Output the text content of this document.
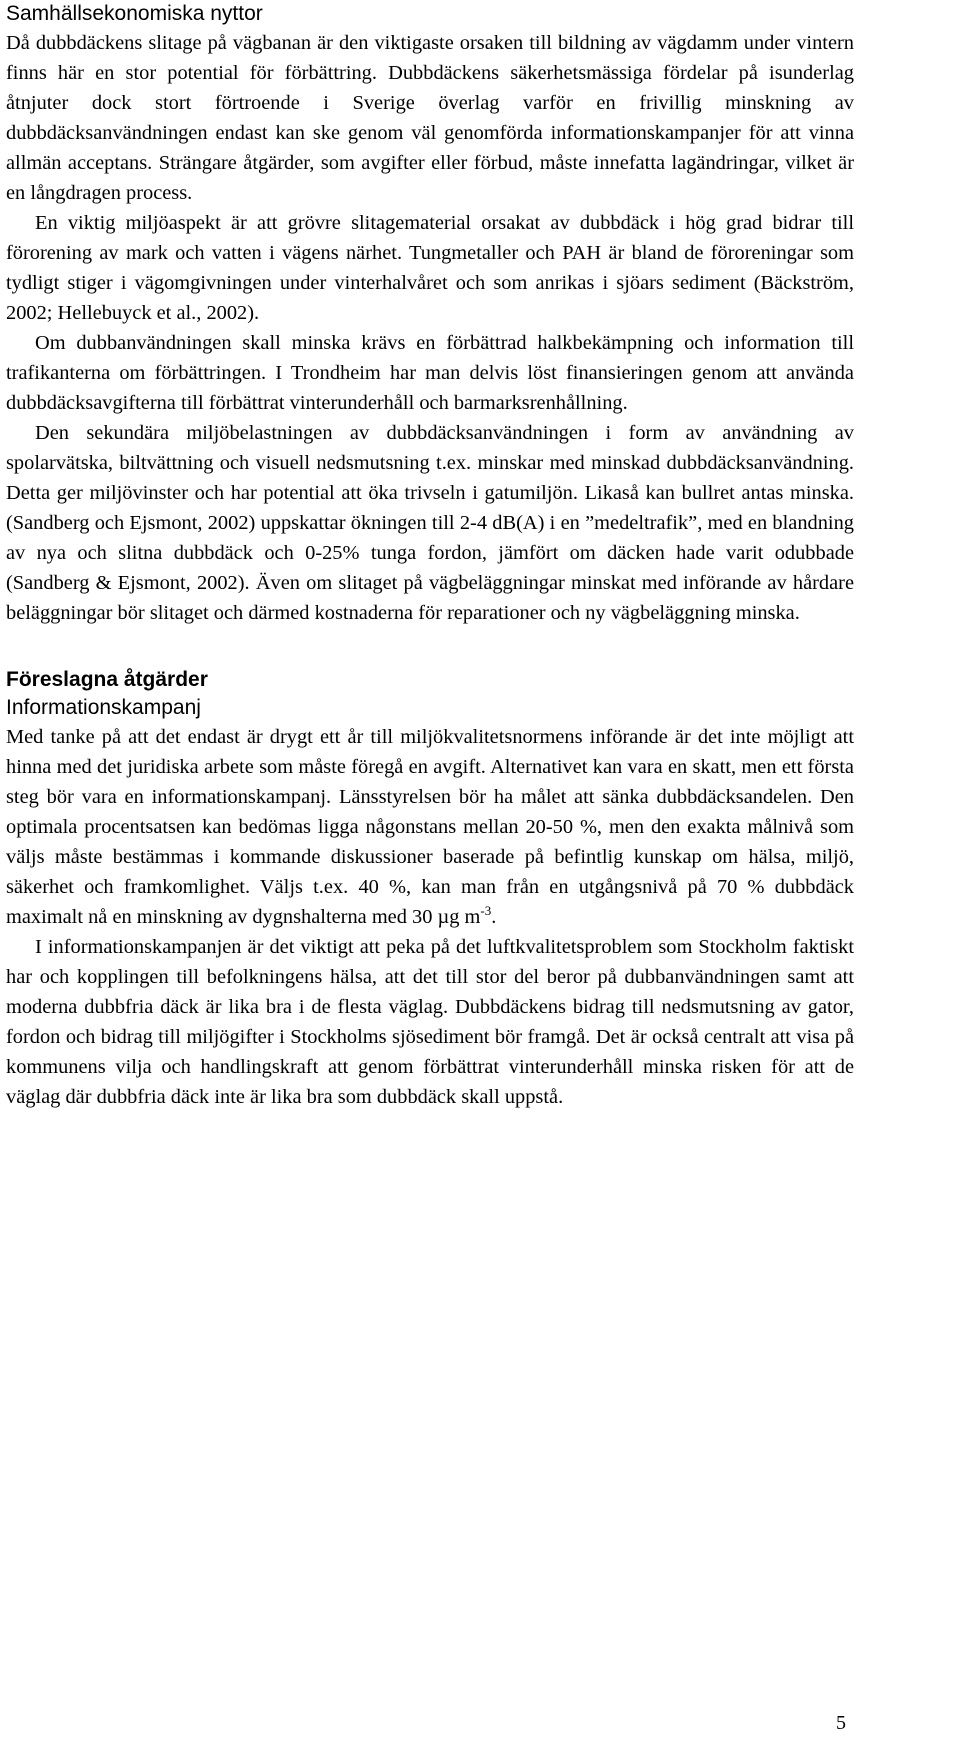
Samhällsekonomiska nyttor

Då dubbdäckens slitage på vägbanan är den viktigaste orsaken till bildning av vägdamm under vintern finns här en stor potential för förbättring. Dubbdäckens säkerhetsmässiga fördelar på isunderlag åtnjuter dock stort förtroende i Sverige överlag varför en frivillig minskning av dubbdäcksanvändningen endast kan ske genom väl genomförda informationskampanjer för att vinna allmän acceptans. Strängare åtgärder, som avgifter eller förbud, måste innefatta lagändringar, vilket är en långdragen process.

En viktig miljöaspekt är att grövre slitagematerial orsakat av dubbdäck i hög grad bidrar till förorening av mark och vatten i vägens närhet. Tungmetaller och PAH är bland de föroreningar som tydligt stiger i vägomgivningen under vinterhalvåret och som anrikas i sjöars sediment (Bäckström, 2002; Hellebuyck et al., 2002).

Om dubbanvändningen skall minska krävs en förbättrad halkbekämpning och information till trafikanterna om förbättringen. I Trondheim har man delvis löst finansieringen genom att använda dubbdäcksavgifterna till förbättrat vinterunderhåll och barmarksrenhållning.

Den sekundära miljöbelastningen av dubbdäcksanvändningen i form av användning av spolarvätska, biltvättning och visuell nedsmutsning t.ex. minskar med minskad dubbdäcksanvändning. Detta ger miljövinster och har potential att öka trivseln i gatumiljön. Likaså kan bullret antas minska. (Sandberg och Ejsmont, 2002) uppskattar ökningen till 2-4 dB(A) i en ”medeltrafik”, med en blandning av nya och slitna dubbdäck och 0-25% tunga fordon, jämfört om däcken hade varit odubbade (Sandberg & Ejsmont, 2002). Även om slitaget på vägbeläggningar minskat med införande av hårdare beläggningar bör slitaget och därmed kostnaderna för reparationer och ny vägbeläggning minska.

Föreslagna åtgärder
Informationskampanj

Med tanke på att det endast är drygt ett år till miljökvalitetsnormens införande är det inte möjligt att hinna med det juridiska arbete som måste föregå en avgift. Alternativet kan vara en skatt, men ett första steg bör vara en informationskampanj. Länsstyrelsen bör ha målet att sänka dubbdäcksandelen. Den optimala procentsatsen kan bedömas ligga någonstans mellan 20-50 %, men den exakta målnivå som väljs måste bestämmas i kommande diskussioner baserade på befintlig kunskap om hälsa, miljö, säkerhet och framkomlighet. Väljs t.ex. 40 %, kan man från en utgångsnivå på 70 % dubbdäck maximalt nå en minskning av dygnshalterna med 30 µg $m^{-3}$.

I informationskampanjen är det viktigt att peka på det luftkvalitetsproblem som Stockholm faktiskt har och kopplingen till befolkningens hälsa, att det till stor del beror på dubbanvändningen samt att moderna dubbfria däck är lika bra i de flesta väglag. Dubbdäckens bidrag till nedsmutsning av gator, fordon och bidrag till miljögifter i Stockholms sjösediment bör framgå. Det är också centralt att visa på kommunens vilja och handlingskraft att genom förbättrat vinterunderhåll minska risken för att de väglag där dubbfria däck inte är lika bra som dubbdäck skall uppstå.

5
